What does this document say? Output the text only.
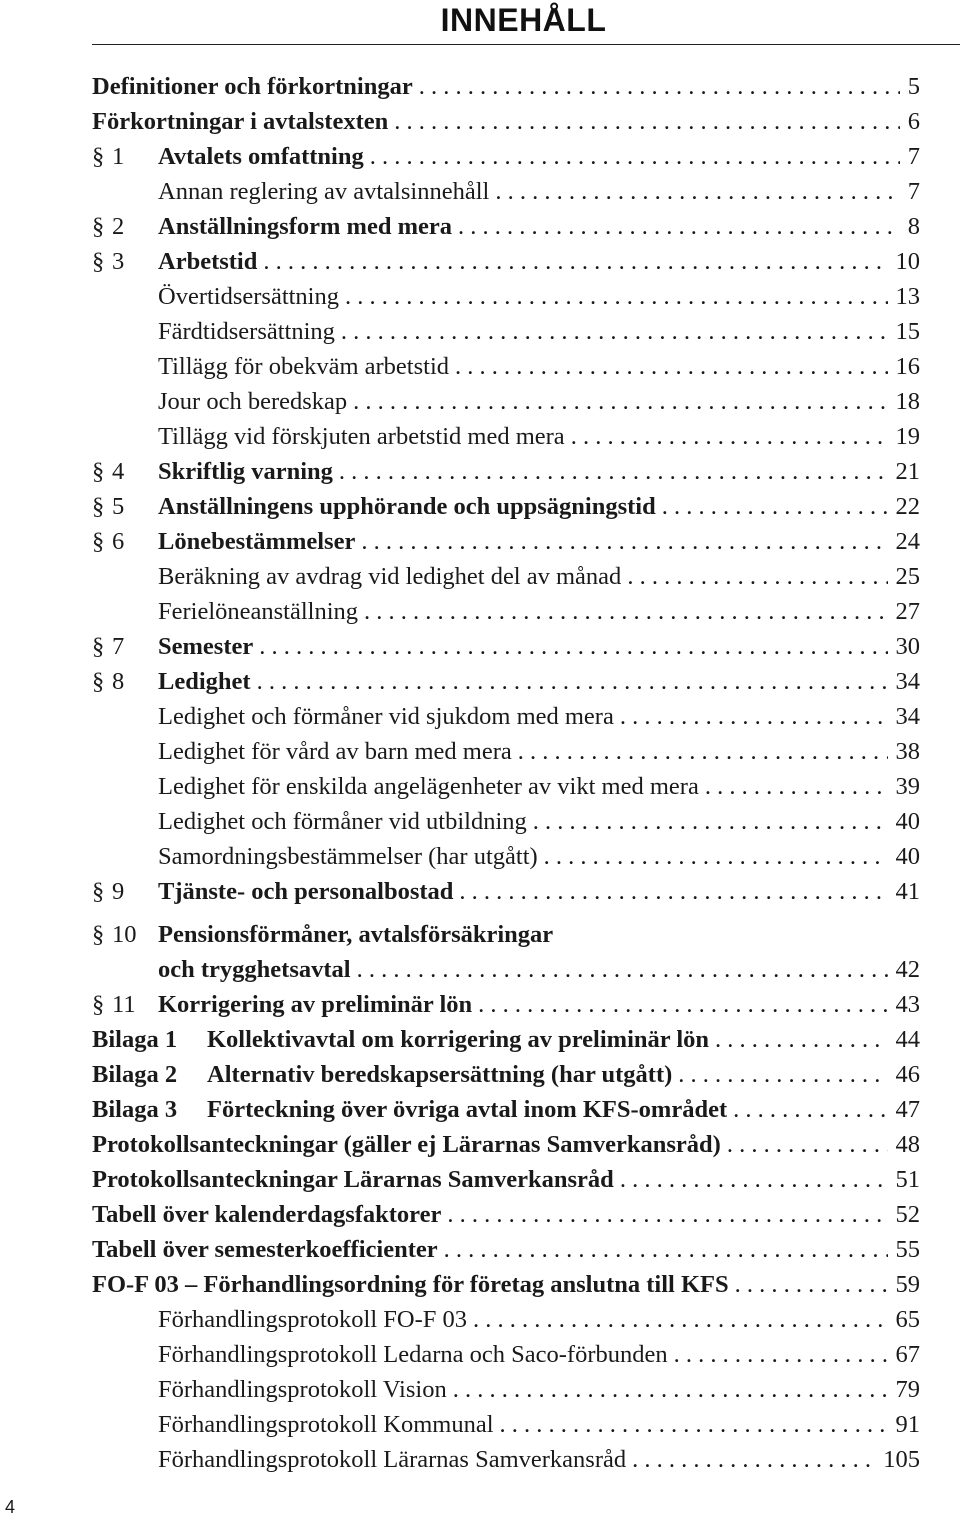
INNEHÅLL
Definitioner och förkortningar . . .	5
Förkortningar i avtalstexten . . .	6
§ 1 Avtalets omfattning . . .	7
Annan reglering av avtalsinnehåll . . .	7
§ 2 Anställningsform med mera . . .	8
§ 3 Arbetstid . . .	10
Övertidsersättning . . .	13
Färdtidsersättning . . .	15
Tillägg för obekväm arbetstid . . .	16
Jour och beredskap . . .	18
Tillägg vid förskjuten arbetstid med mera . . .	19
§ 4 Skriftlig varning . . .	21
§ 5 Anställningens upphörande och uppsägningstid . . .	22
§ 6 Lönebestämmelser . . .	24
Beräkning av avdrag vid ledighet del av månad . . .	25
Ferielöneanställning . . .	27
§ 7 Semester . . .	30
§ 8 Ledighet . . .	34
Ledighet och förmåner vid sjukdom med mera . . .	34
Ledighet för vård av barn med mera . . .	38
Ledighet för enskilda angelägenheter av vikt med mera . . .	39
Ledighet och förmåner vid utbildning . . .	40
Samordningsbestämmelser (har utgått) . . .	40
§ 9 Tjänste- och personalbostad . . .	41
§ 10 Pensionsförmåner, avtalsförsäkringar
och trygghetsavtal . . .	42
§ 11 Korrigering av preliminär lön . . .	43
Bilaga 1 Kollektivavtal om korrigering av preliminär lön . . .	44
Bilaga 2 Alternativ beredskapsersättning (har utgått) . . .	46
Bilaga 3 Förteckning över övriga avtal inom KFS-området . . .	47
Protokollsanteckningar (gäller ej Lärarnas Samverkansråd) . . .	48
Protokollsanteckningar Lärarnas Samverkansråd . . .	51
Tabell över kalenderdagsfaktorer . . .	52
Tabell över semesterkoefficienter . . .	55
FO-F 03 – Förhandlingsordning för företag anslutna till KFS . . .	59
Förhandlingsprotokoll FO-F 03 . . .	65
Förhandlingsprotokoll Ledarna och Saco-förbunden . . .	67
Förhandlingsprotokoll Vision . . .	79
Förhandlingsprotokoll Kommunal . . .	91
Förhandlingsprotokoll Lärarnas Samverkansråd . . .	105
4
